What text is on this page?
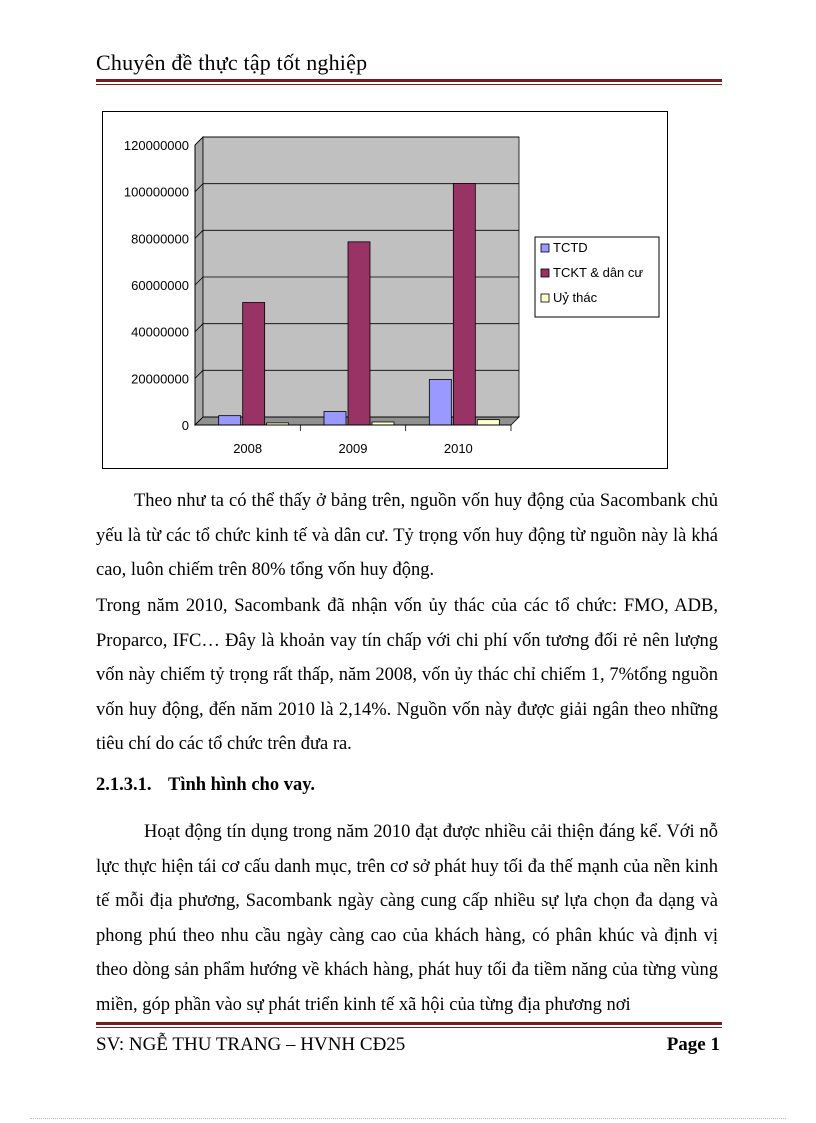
Chuyên đề thực tập tốt nghiệp
0
20000000
40000000
60000000
80000000
100000000
120000000
2008	2009	2010
TCTD
TCKT & dân cư
Uỷ thác
Theo như ta có thể thấy ở bảng trên, nguồn vốn huy động của Sacombank chủ yếu là từ các tổ chức kinh tế và dân cư. Tỷ trọng vốn huy động từ nguồn này là khá cao, luôn chiếm trên 80% tổng vốn huy động.
Trong năm 2010, Sacombank đã nhận vốn ủy thác của các tổ chức: FMO, ADB, Proparco, IFC… Đây là khoản vay tín chấp với chi phí vốn tương đối rẻ nên lượng vốn này chiếm tỷ trọng rất thấp, năm 2008, vốn ủy thác chỉ chiếm 1, 7%tổng nguồn vốn huy động, đến năm 2010 là 2,14%. Nguồn vốn này được giải ngân theo những tiêu chí do các tổ chức trên đưa ra.
2.1.3.1. Tình hình cho vay.
Hoạt động tín dụng trong năm 2010 đạt được nhiều cải thiện đáng kể. Với nỗ lực thực hiện tái cơ cấu danh mục, trên cơ sở phát huy tối đa thế mạnh của nền kinh tế mỗi địa phương, Sacombank ngày càng cung cấp nhiều sự lựa chọn đa dạng và phong phú theo nhu cầu ngày càng cao của khách hàng, có phân khúc và định vị theo dòng sản phẩm hướng về khách hàng, phát huy tối đa tiềm năng của từng vùng miền, góp phần vào sự phát triển kinh tế xã hội của từng địa phương nơi
SV: NGỄ THU TRANG – HVNH CĐ25	Page 1
